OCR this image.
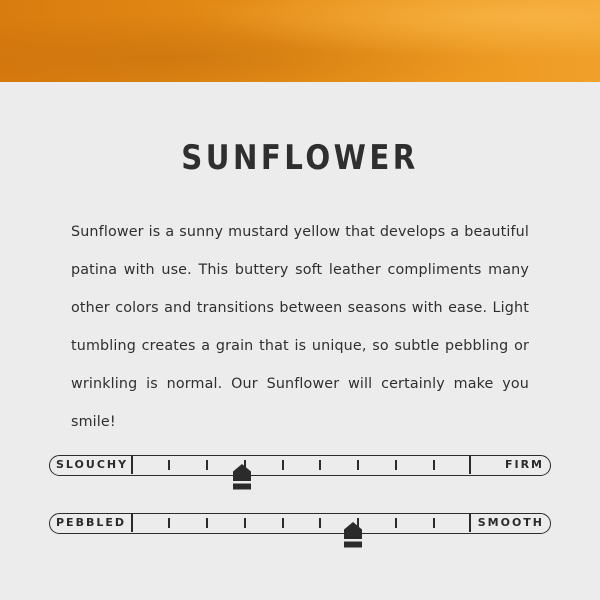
SUNFLOWER
Sunflower is a sunny mustard yellow that develops a beautiful patina with use. This buttery soft leather compliments many other colors and transitions between seasons with ease. Light tumbling creates a grain that is unique, so subtle pebbling or wrinkling is normal. Our Sunflower will certainly make you smile!
SLOUCHY	FIRM
PEBBLED	SMOOTH
